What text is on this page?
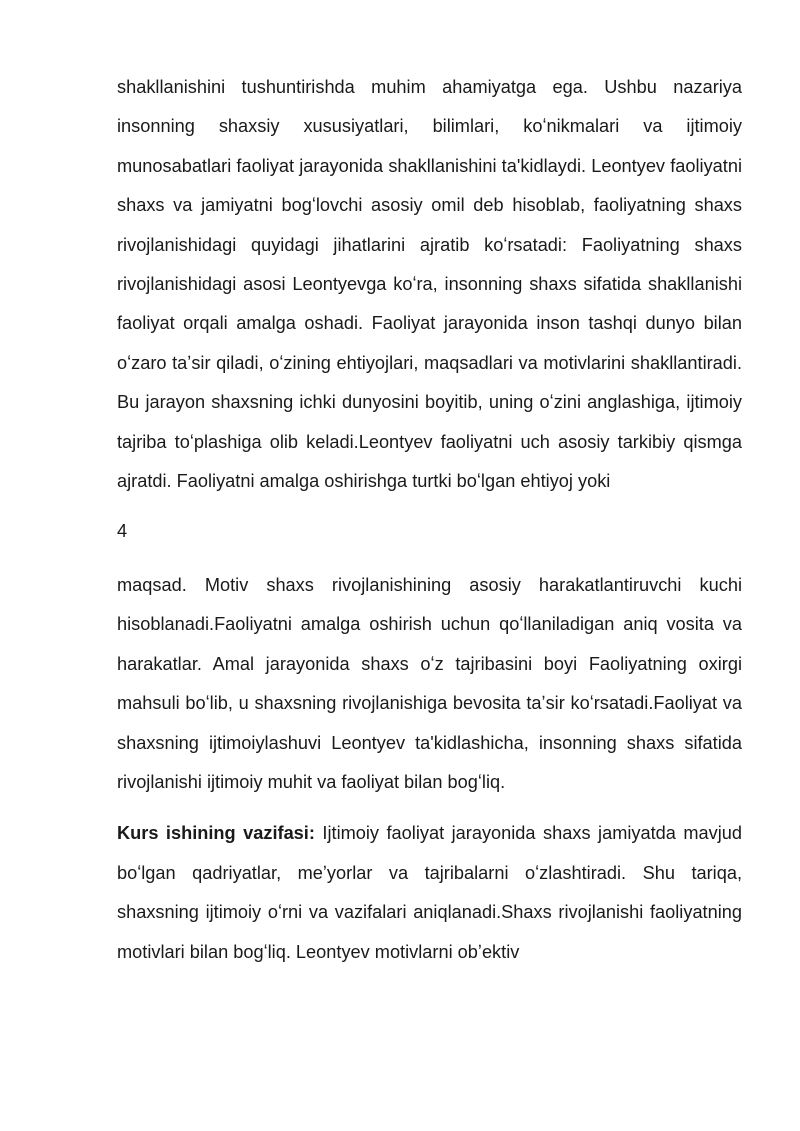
shakllanishini tushuntirishda muhim ahamiyatga ega. Ushbu nazariya insonning shaxsiy xususiyatlari, bilimlari, koʻnikmalari va ijtimoiy munosabatlari faoliyat jarayonida shakllanishini ta'kidlaydi. Leontyev faoliyatni shaxs va jamiyatni bogʻlovchi asosiy omil deb hisoblab, faoliyatning shaxs rivojlanishidagi quyidagi jihatlarini ajratib koʻrsatadi: Faoliyatning shaxs rivojlanishidagi asosi Leontyevga koʻra, insonning shaxs sifatida shakllanishi faoliyat orqali amalga oshadi. Faoliyat jarayonida inson tashqi dunyo bilan oʻzaro taʼsir qiladi, oʻzining ehtiyojlari, maqsadlari va motivlarini shakllantiradi. Bu jarayon shaxsning ichki dunyosini boyitib, uning oʻzini anglashiga, ijtimoiy tajriba toʻplashiga olib keladi.Leontyev faoliyatni uch asosiy tarkibiy qismga ajratdi. Faoliyatni amalga oshirishga turtki boʻlgan ehtiyoj yoki

4

maqsad. Motiv shaxs rivojlanishining asosiy harakatlantiruvchi kuchi hisoblanadi.Faoliyatni amalga oshirish uchun qoʻllaniladigan aniq vosita va harakatlar. Amal jarayonida shaxs oʻz tajribasini boyi Faoliyatning oxirgi mahsuli boʻlib, u shaxsning rivojlanishiga bevosita taʼsir koʻrsatadi.Faoliyat va shaxsning ijtimoiylashuvi Leontyev ta'kidlashicha, insonning shaxs sifatida rivojlanishi ijtimoiy muhit va faoliyat bilan bogʻliq.

Kurs ishining vazifasi: Ijtimoiy faoliyat jarayonida shaxs jamiyatda mavjud boʻlgan qadriyatlar, meʼyorlar va tajribalarni oʻzlashtiradi. Shu tariqa, shaxsning ijtimoiy oʻrni va vazifalari aniqlanadi.Shaxs rivojlanishi faoliyatning motivlari bilan bogʻliq. Leontyev motivlarni obʼektiv
